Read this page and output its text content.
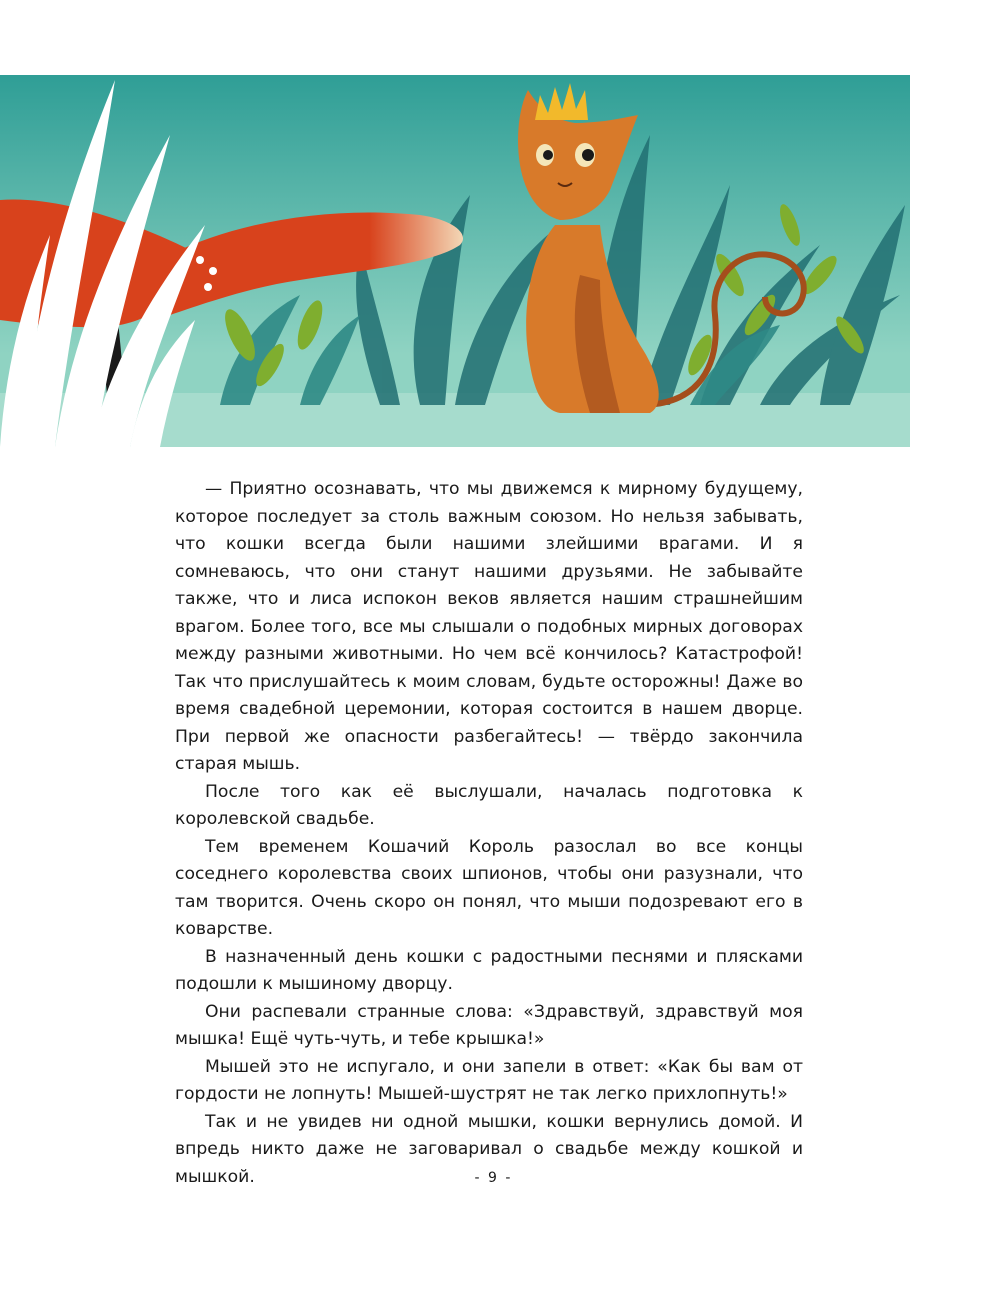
— Приятно осознавать, что мы движемся к мирному будущему, которое последует за столь важным союзом. Но нельзя забывать, что кошки всегда были нашими злейшими врагами. И я сомневаюсь, что они станут нашими друзьями. Не забывайте также, что и лиса испокон веков является нашим страшнейшим врагом. Более того, все мы слышали о подобных мирных договорах между разными животными. Но чем всё кончилось? Катастрофой! Так что прислушайтесь к моим словам, будьте осторожны! Даже во время свадебной церемонии, которая состоится в нашем дворце. При первой же опасности разбегайтесь! — твёрдо закончила старая мышь.

После того как её выслушали, началась подготовка к королевской свадьбе.

Тем временем Кошачий Король разослал во все концы соседнего королевства своих шпионов, чтобы они разузнали, что там творится. Очень скоро он понял, что мыши подозревают его в коварстве.

В назначенный день кошки с радостными песнями и плясками подошли к мышиному дворцу.

Они распевали странные слова: «Здравствуй, здравствуй моя мышка! Ещё чуть-чуть, и тебе крышка!»

Мышей это не испугало, и они запели в ответ: «Как бы вам от гордости не лопнуть! Мышей-шустрят не так легко прихлопнуть!»

Так и не увидев ни одной мышки, кошки вернулись домой. И впредь никто даже не заговаривал о свадьбе между кошкой и мышкой.	- 9 -
